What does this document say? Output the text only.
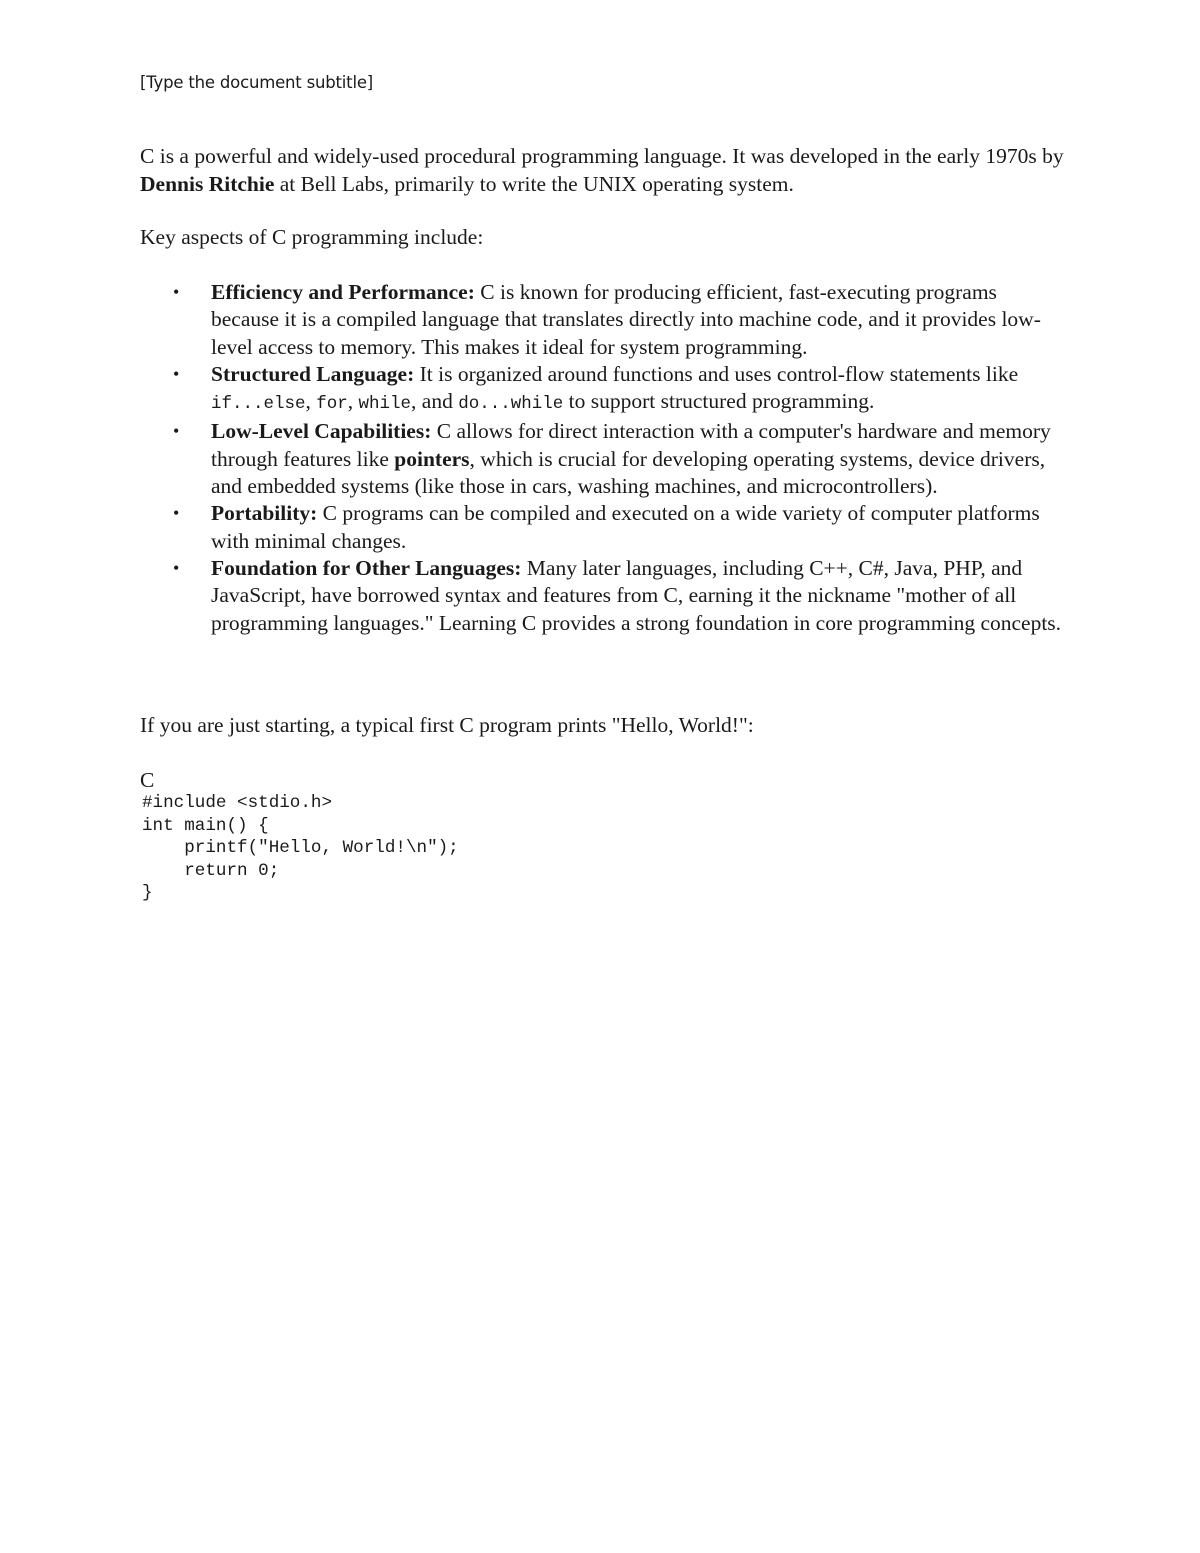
[Type the document subtitle]

C is a powerful and widely-used procedural programming language. It was developed in the early 1970s by Dennis Ritchie at Bell Labs, primarily to write the UNIX operating system.

Key aspects of C programming include:

• Efficiency and Performance: C is known for producing efficient, fast-executing programs because it is a compiled language that translates directly into machine code, and it provides low-level access to memory. This makes it ideal for system programming.
• Structured Language: It is organized around functions and uses control-flow statements like if...else, for, while, and do...while to support structured programming.
• Low-Level Capabilities: C allows for direct interaction with a computer's hardware and memory through features like pointers, which is crucial for developing operating systems, device drivers, and embedded systems (like those in cars, washing machines, and microcontrollers).
• Portability: C programs can be compiled and executed on a wide variety of computer platforms with minimal changes.
• Foundation for Other Languages: Many later languages, including C++, C#, Java, PHP, and JavaScript, have borrowed syntax and features from C, earning it the nickname "mother of all programming languages." Learning C provides a strong foundation in core programming concepts.

If you are just starting, a typical first C program prints "Hello, World!":

C
#include <stdio.h>
int main() {
printf("Hello, World!\n");
return 0;
}
